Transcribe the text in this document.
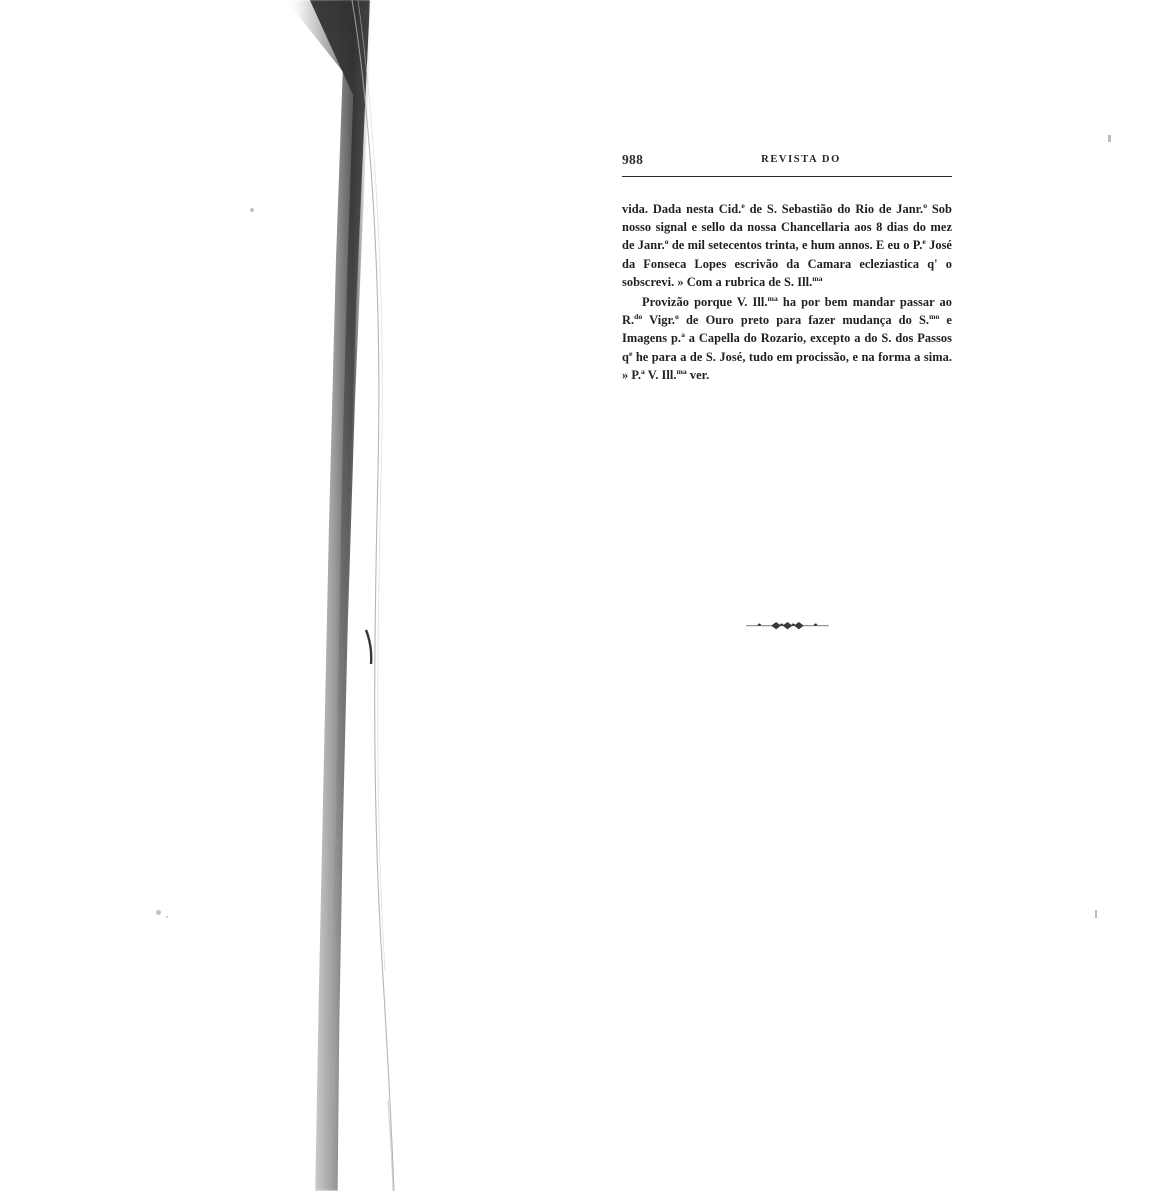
988	REVISTA DO

vida. Dada nesta Cid.$^e$ de S. Sebastião do Rio de Janr.$^o$ Sob nosso signal e sello da nossa Chancellaria aos 8 dias do mez de Janr.$^o$ de mil setecentos trinta, e hum annos. E eu o P.$^e$ José da Fonseca Lopes escrivão da Camara ecleziastica q' o sobscrevi. » Com a rubrica de S. Ill.$^{ma}$

Provizão porque V. Ill.$^{ma}$ ha por bem mandar passar ao R.$^{do}$ Vigr.$^o$ de Ouro preto para fazer mudança do S.$^{mo}$ e Imagens p.$^a$ a Capella do Rozario, excepto a do S. dos Passos $q^e$ he para a de S. José, tudo em procissão, e na forma a sima. » P.$^a$ V. Ill.$^{ma}$ ver.

—•—◆•◆•◆—•—
